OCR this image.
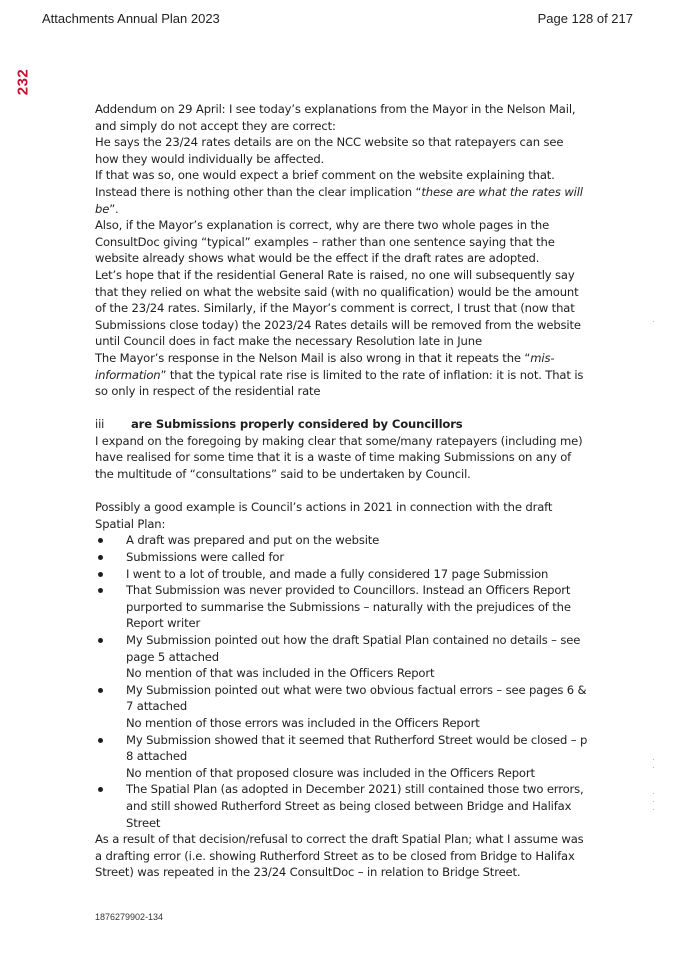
Attachments Annual Plan 2023	Page 128 of 217
232

Addendum on 29 April: I see today’s explanations from the Mayor in the Nelson Mail, and simply do not accept they are correct:

He says the 23/24 rates details are on the NCC website so that ratepayers can see how they would individually be affected.

If that was so, one would expect a brief comment on the website explaining that. Instead there is nothing other than the clear implication “these are what the rates will be”.

Also, if the Mayor’s explanation is correct, why are there two whole pages in the ConsultDoc giving “typical” examples – rather than one sentence saying that the website already shows what would be the effect if the draft rates are adopted.

Let’s hope that if the residential General Rate is raised, no one will subsequently say that they relied on what the website said (with no qualification) would be the amount of the 23/24 rates. Similarly, if the Mayor’s comment is correct, I trust that (now that Submissions close today) the 2023/24 Rates details will be removed from the website until Council does in fact make the necessary Resolution late in June

The Mayor’s response in the Nelson Mail is also wrong in that it repeats the “mis-information” that the typical rate rise is limited to the rate of inflation: it is not. That is so only in respect of the residential rate

iii are Submissions properly considered by Councillors

I expand on the foregoing by making clear that some/many ratepayers (including me) have realised for some time that it is a waste of time making Submissions on any of the multitude of “consultations” said to be undertaken by Council.

Possibly a good example is Council’s actions in 2021 in connection with the draft Spatial Plan:

A draft was prepared and put on the website
Submissions were called for
I went to a lot of trouble, and made a fully considered 17 page Submission
That Submission was never provided to Councillors. Instead an Officers Report purported to summarise the Submissions – naturally with the prejudices of the Report writer
My Submission pointed out how the draft Spatial Plan contained no details – see page 5 attached
No mention of that was included in the Officers Report
My Submission pointed out what were two obvious factual errors – see pages 6 & 7 attached
No mention of those errors was included in the Officers Report
My Submission showed that it seemed that Rutherford Street would be closed – p 8 attached
No mention of that proposed closure was included in the Officers Report
The Spatial Plan (as adopted in December 2021) still contained those two errors, and still showed Rutherford Street as being closed between Bridge and Halifax Street

As a result of that decision/refusal to correct the draft Spatial Plan; what I assume was a drafting error (i.e. showing Rutherford Street as to be closed from Bridge to Halifax Street) was repeated in the 23/24 ConsultDoc – in relation to Bridge Street.

1876279902-134
·
·
·
·
·
·
